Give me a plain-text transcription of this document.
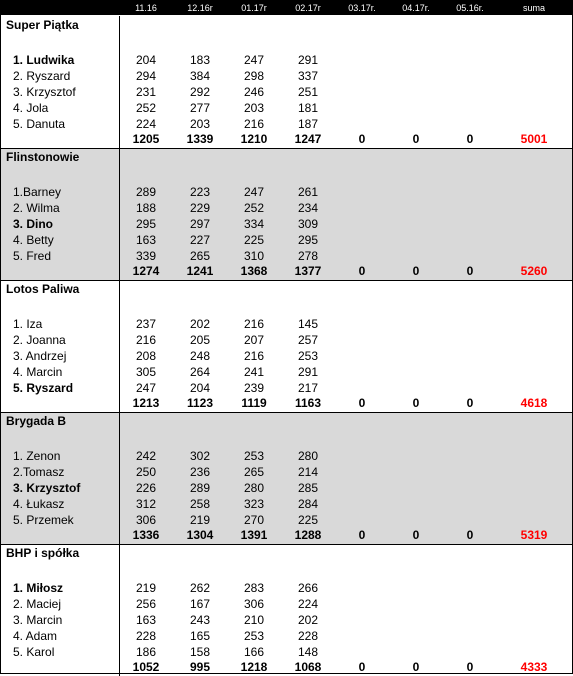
11.16	12.16r	01.17r	02.17r	03.17r.	04.17r.	05.16r.	suma
Super Piątka
1. Ludwika	204	183	247	291
2. Ryszard	294	384	298	337
3. Krzysztof	231	292	246	251
4. Jola	252	277	203	181
5. Danuta	224	203	216	187
1205	1339	1210	1247	0	0	0	5001
Flinstonowie
1.Barney	289	223	247	261
2. Wilma	188	229	252	234
3. Dino	295	297	334	309
4. Betty	163	227	225	295
5. Fred	339	265	310	278
1274	1241	1368	1377	0	0	0	5260
Lotos Paliwa
1. Iza	237	202	216	145
2. Joanna	216	205	207	257
3. Andrzej	208	248	216	253
4. Marcin	305	264	241	291
5. Ryszard	247	204	239	217
1213	1123	1119	1163	0	0	0	4618
Brygada B
1. Zenon	242	302	253	280
2.Tomasz	250	236	265	214
3. Krzysztof	226	289	280	285
4. Łukasz	312	258	323	284
5. Przemek	306	219	270	225
1336	1304	1391	1288	0	0	0	5319
BHP i spółka
1. Miłosz	219	262	283	266
2. Maciej	256	167	306	224
3. Marcin	163	243	210	202
4. Adam	228	165	253	228
5. Karol	186	158	166	148
1052	995	1218	1068	0	0	0	4333
